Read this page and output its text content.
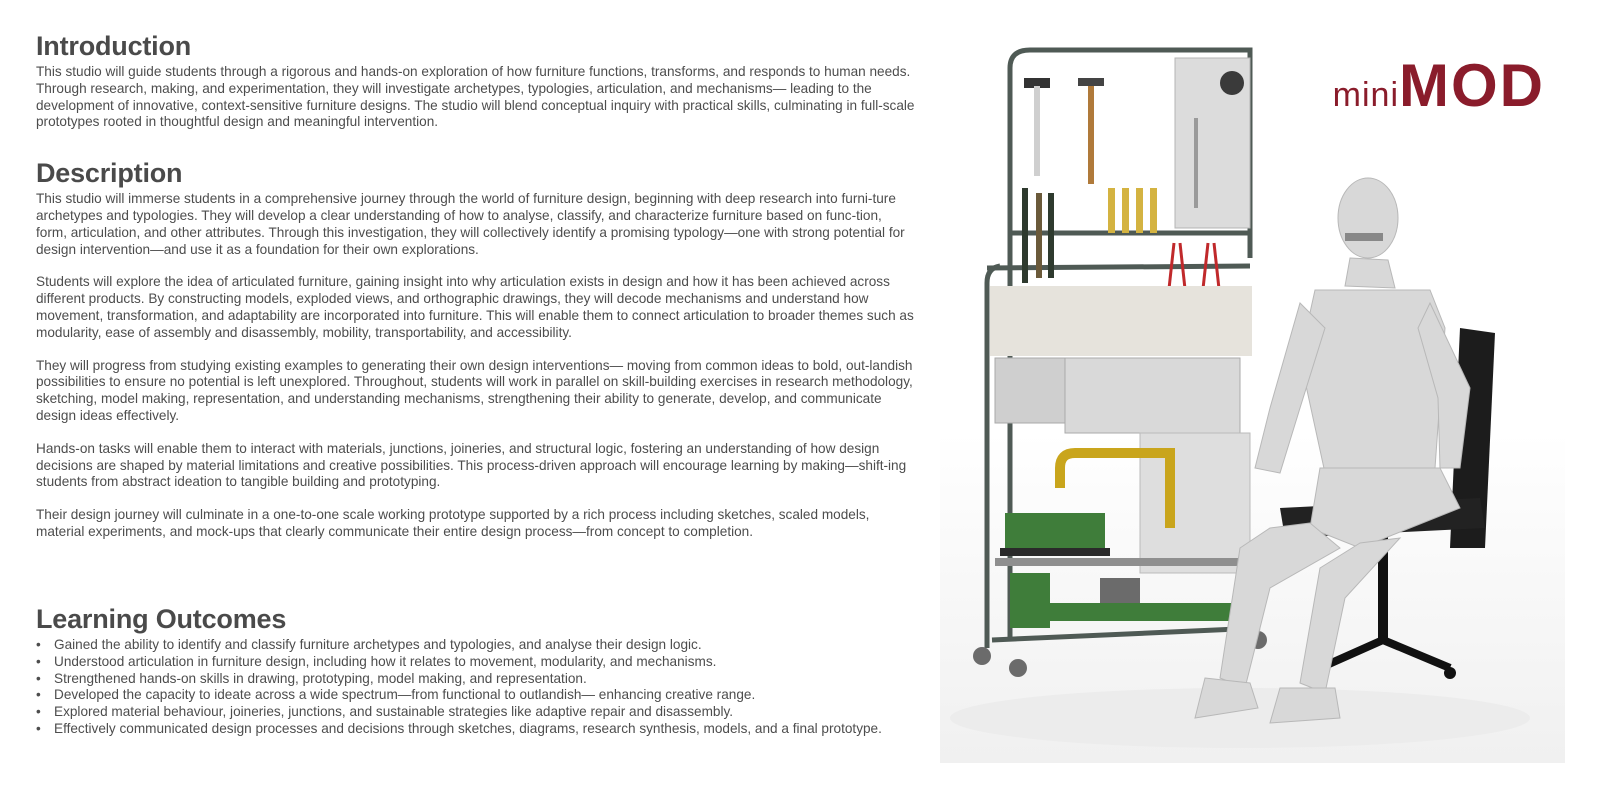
Introduction

This studio will guide students through a rigorous and hands-on exploration of how furniture functions, transforms, and responds to human needs. Through research, making, and experimentation, they will investigate archetypes, typologies, articulation, and mechanisms— leading to the development of innovative, context-sensitive furniture designs. The studio will blend conceptual inquiry with practical skills, culminating in full-scale prototypes rooted in thoughtful design and meaningful intervention.

Description

This studio will immerse students in a comprehensive journey through the world of furniture design, beginning with deep research into furni-ture archetypes and typologies. They will develop a clear understanding of how to analyse, classify, and characterize furniture based on func-tion, form, articulation, and other attributes. Through this investigation, they will collectively identify a promising typology—one with strong potential for design intervention—and use it as a foundation for their own explorations.

Students will explore the idea of articulated furniture, gaining insight into why articulation exists in design and how it has been achieved across different products. By constructing models, exploded views, and orthographic drawings, they will decode mechanisms and understand how movement, transformation, and adaptability are incorporated into furniture. This will enable them to connect articulation to broader themes such as modularity, ease of assembly and disassembly, mobility, transportability, and accessibility.

They will progress from studying existing examples to generating their own design interventions— moving from common ideas to bold, out-landish possibilities to ensure no potential is left unexplored. Throughout, students will work in parallel on skill-building exercises in research methodology, sketching, model making, representation, and understanding mechanisms, strengthening their ability to generate, develop, and communicate design ideas effectively.

Hands-on tasks will enable them to interact with materials, junctions, joineries, and structural logic, fostering an understanding of how design decisions are shaped by material limitations and creative possibilities. This process-driven approach will encourage learning by making—shift-ing students from abstract ideation to tangible building and prototyping.

Their design journey will culminate in a one-to-one scale working prototype supported by a rich process including sketches, scaled models, material experiments, and mock-ups that clearly communicate their entire design process—from concept to completion.

Learning Outcomes
• Gained the ability to identify and classify furniture archetypes and typologies, and analyse their design logic.
• Understood articulation in furniture design, including how it relates to movement, modularity, and mechanisms.
• Strengthened hands-on skills in drawing, prototyping, model making, and representation.
• Developed the capacity to ideate across a wide spectrum—from functional to outlandish— enhancing creative range.
• Explored material behaviour, joineries, junctions, and sustainable strategies like adaptive repair and disassembly.
• Effectively communicated design processes and decisions through sketches, diagrams, research synthesis, models, and a final prototype.
miniMOD
